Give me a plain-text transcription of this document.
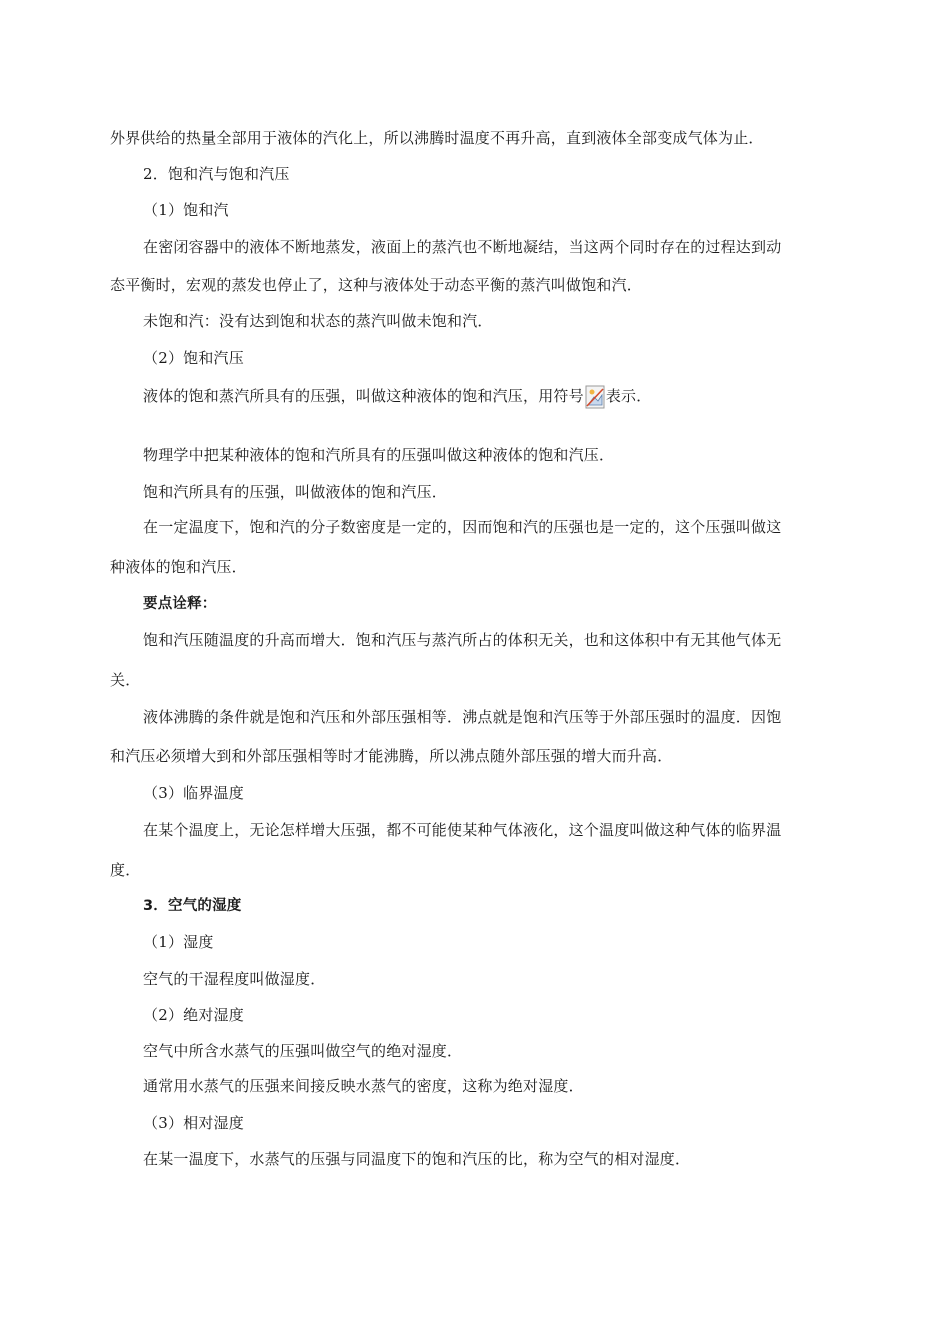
外界供给的热量全部用于液体的汽化上，所以沸腾时温度不再升高，直到液体全部变成气体为止．
2．饱和汽与饱和汽压
（1）饱和汽
在密闭容器中的液体不断地蒸发，液面上的蒸汽也不断地凝结，当这两个同时存在的过程达到动
态平衡时，宏观的蒸发也停止了，这种与液体处于动态平衡的蒸汽叫做饱和汽．
未饱和汽：没有达到饱和状态的蒸汽叫做未饱和汽．
（2）饱和汽压
液体的饱和蒸汽所具有的压强，叫做这种液体的饱和汽压，用符号 表示．
物理学中把某种液体的饱和汽所具有的压强叫做这种液体的饱和汽压．
饱和汽所具有的压强，叫做液体的饱和汽压．
在一定温度下，饱和汽的分子数密度是一定的，因而饱和汽的压强也是一定的，这个压强叫做这
种液体的饱和汽压．
要点诠释：
饱和汽压随温度的升高而增大．饱和汽压与蒸汽所占的体积无关，也和这体积中有无其他气体无
关．
液体沸腾的条件就是饱和汽压和外部压强相等．沸点就是饱和汽压等于外部压强时的温度．因饱
和汽压必须增大到和外部压强相等时才能沸腾，所以沸点随外部压强的增大而升高．
（3）临界温度
在某个温度上，无论怎样增大压强，都不可能使某种气体液化，这个温度叫做这种气体的临界温
度．
3．空气的湿度
（1）湿度
空气的干湿程度叫做湿度．
（2）绝对湿度
空气中所含水蒸气的压强叫做空气的绝对湿度．
通常用水蒸气的压强来间接反映水蒸气的密度，这称为绝对湿度．
（3）相对湿度
在某一温度下，水蒸气的压强与同温度下的饱和汽压的比，称为空气的相对湿度．
